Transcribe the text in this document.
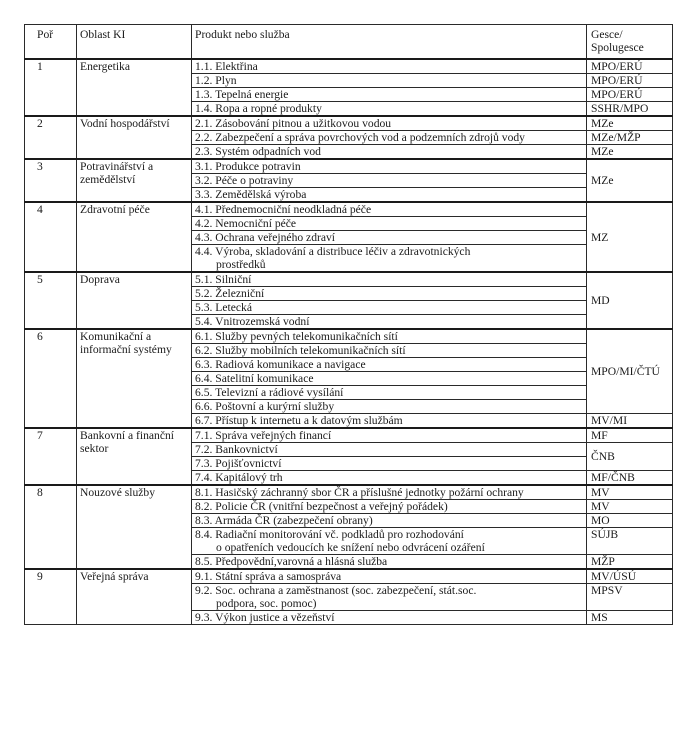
Poř	Oblast KI	Produkt nebo služba	Gesce/
Spolugesce
1	Energetika	1.1. Elektřina	MPO/ERÚ
		1.2. Plyn	MPO/ERÚ
		1.3. Tepelná energie	MPO/ERÚ
		1.4. Ropa a ropné produkty	SSHR/MPO
2	Vodní hospodářství	2.1. Zásobování pitnou a užitkovou vodou	MZe
		2.2. Zabezpečení a správa povrchových vod a podzemních zdrojů vody	MZe/MŽP
		2.3. Systém odpadních vod	MZe
3	Potravinářství a zemědělství	3.1. Produkce potravin	MZe
		3.2. Péče o potraviny	
		3.3. Zemědělská výroba	
4	Zdravotní péče	4.1. Přednemocniční neodkladná péče	MZ
		4.2. Nemocniční péče	
		4.3. Ochrana veřejného zdraví	
		4.4. Výroba, skladování a distribuce léčiv a zdravotnických
prostředků	

5	Doprava	5.1. Silniční	MD
		5.2. Železniční	
		5.3. Letecká	
		5.4. Vnitrozemská vodní	
6	Komunikační a informační systémy	6.1. Služby pevných telekomunikačních sítí	MPO/MI/ČTÚ
		6.2. Služby mobilních telekomunikačních sítí	
		6.3. Radiová komunikace a navigace	
		6.4. Satelitní komunikace	
		6.5. Televizní a rádiové vysílání	
		6.6. Poštovní a kurýrní služby	
		6.7. Přístup k internetu a k datovým službám	MV/MI
7	Bankovní a finanční sektor	7.1. Správa veřejných financí	MF
		7.2. Bankovnictví	ČNB
		7.3. Pojišťovnictví	
		7.4. Kapitálový trh	MF/ČNB
8	Nouzové služby	8.1. Hasičský záchranný sbor ČR a příslušné jednotky požární ochrany	MV
		8.2. Policie ČR (vnitřní bezpečnost a veřejný pořádek)	MV
		8.3. Armáda ČR (zabezpečení obrany)	MO
		8.4. Radiační monitorování vč. podkladů pro rozhodování
o opatřeních vedoucích ke snížení nebo odvrácení ozáření	SÚJB
		8.5. Předpovědní,varovná a hlásná služba	MŽP
9	Veřejná správa	9.1. Státní správa a samospráva	MV/ÚSÚ
		9.2. Soc. ochrana a zaměstnanost (soc. zabezpečení, stát.soc.
podpora, soc. pomoc)	MPSV
		9.3. Výkon justice a vězeňství	MS
